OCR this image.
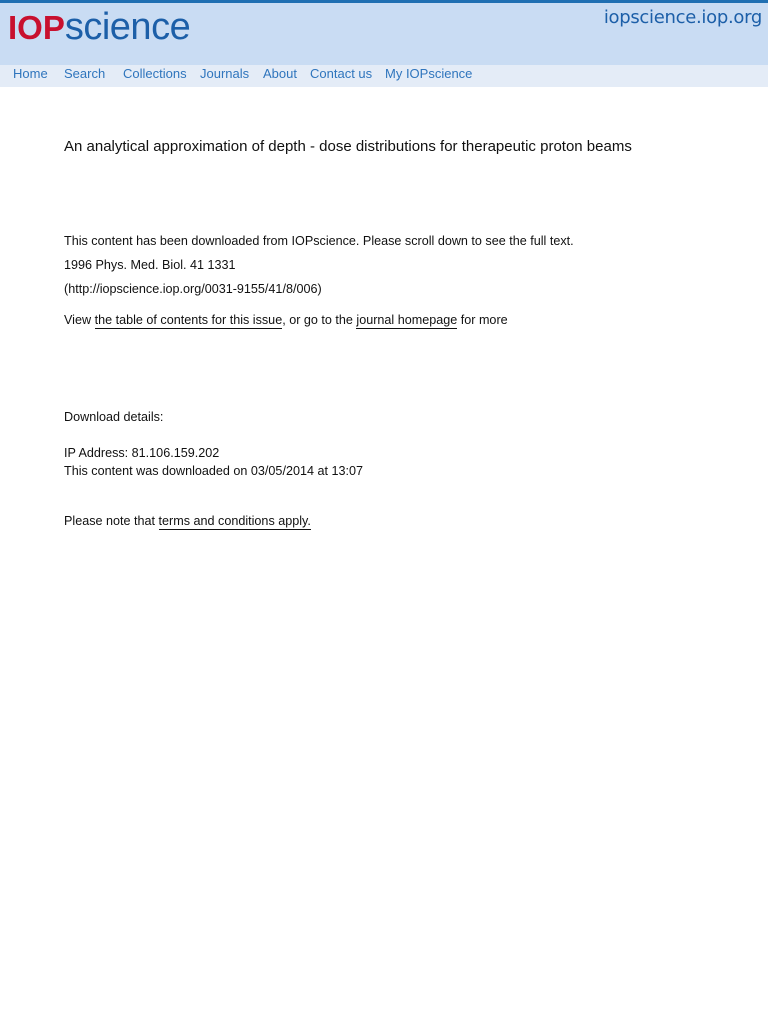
IOPscience	iopscience.iop.org
Home Search Collections Journals About Contact us My IOPscience
An analytical approximation of depth - dose distributions for therapeutic proton beams
This content has been downloaded from IOPscience. Please scroll down to see the full text.
1996 Phys. Med. Biol. 41 1331
(http://iopscience.iop.org/0031-9155/41/8/006)
View the table of contents for this issue, or go to the journal homepage for more
Download details:
IP Address: 81.106.159.202
This content was downloaded on 03/05/2014 at 13:07
Please note that terms and conditions apply.
